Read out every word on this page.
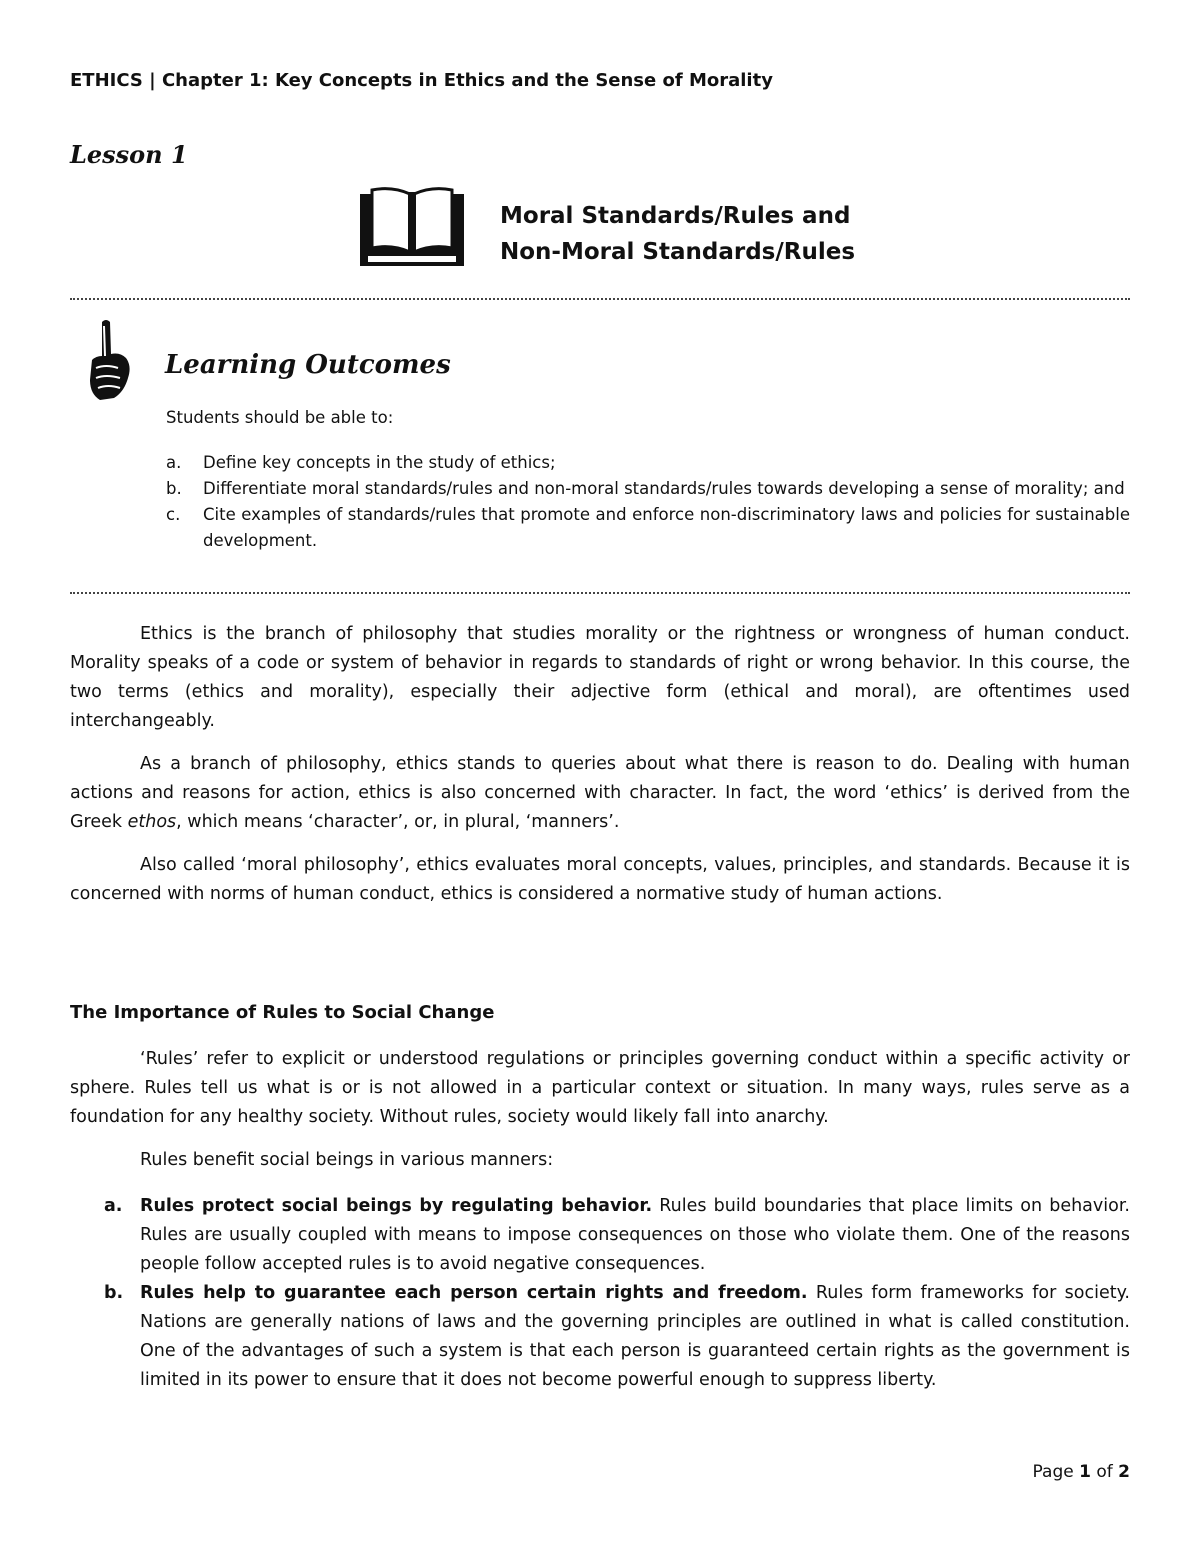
ETHICS | Chapter 1: Key Concepts in Ethics and the Sense of Morality
Lesson 1
Moral Standards/Rules and
Non-Moral Standards/Rules
Learning Outcomes
Students should be able to:
a. Define key concepts in the study of ethics;
b. Differentiate moral standards/rules and non-moral standards/rules towards developing a sense of morality; and
c. Cite examples of standards/rules that promote and enforce non-discriminatory laws and policies for sustainable development.

Ethics is the branch of philosophy that studies morality or the rightness or wrongness of human conduct. Morality speaks of a code or system of behavior in regards to standards of right or wrong behavior. In this course, the two terms (ethics and morality), especially their adjective form (ethical and moral), are oftentimes used interchangeably.

As a branch of philosophy, ethics stands to queries about what there is reason to do. Dealing with human actions and reasons for action, ethics is also concerned with character. In fact, the word ‘ethics’ is derived from the Greek ethos, which means ‘character’, or, in plural, ‘manners’.

Also called ‘moral philosophy’, ethics evaluates moral concepts, values, principles, and standards. Because it is concerned with norms of human conduct, ethics is considered a normative study of human actions.

The Importance of Rules to Social Change
‘Rules’ refer to explicit or understood regulations or principles governing conduct within a specific activity or sphere. Rules tell us what is or is not allowed in a particular context or situation. In many ways, rules serve as a foundation for any healthy society. Without rules, society would likely fall into anarchy.
Rules benefit social beings in various manners:
a. Rules protect social beings by regulating behavior. Rules build boundaries that place limits on behavior. Rules are usually coupled with means to impose consequences on those who violate them. One of the reasons people follow accepted rules is to avoid negative consequences.
b. Rules help to guarantee each person certain rights and freedom. Rules form frameworks for society. Nations are generally nations of laws and the governing principles are outlined in what is called constitution. One of the advantages of such a system is that each person is guaranteed certain rights as the government is limited in its power to ensure that it does not become powerful enough to suppress liberty.
Page 1 of 2
